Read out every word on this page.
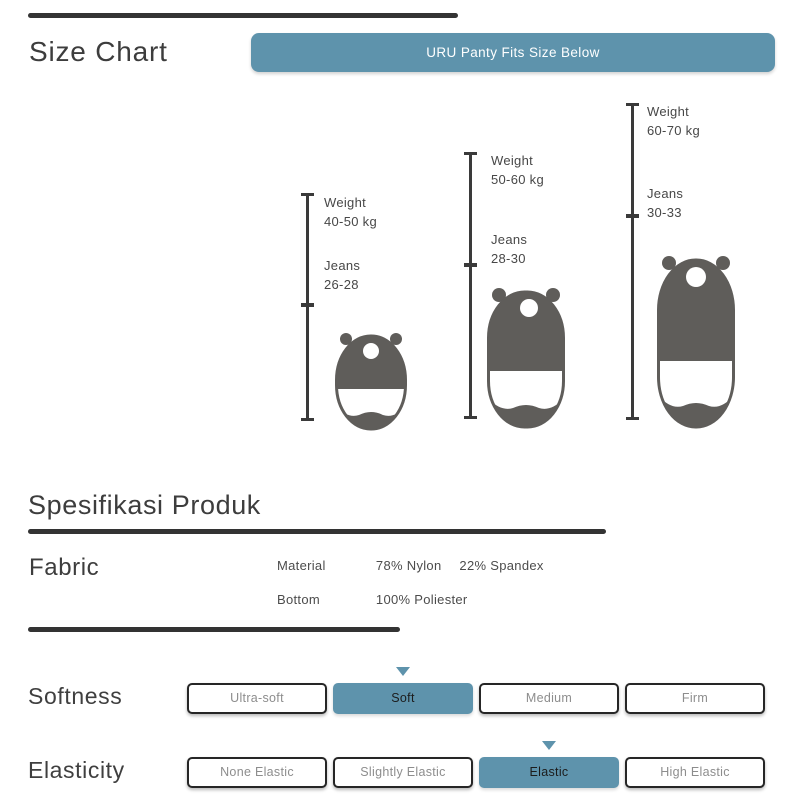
Size Chart	URU Panty Fits Size Below
Weight
40-50 kg
Jeans
26-28
Weight
50-60 kg
Jeans
28-30
Weight
60-70 kg
Jeans
30-33
Spesifikasi Produk
Fabric	Material	78% Nylon 22% Spandex
Bottom	100% Poliester
Softness	Ultra-soft	Soft	Medium	Firm
Elasticity	None Elastic	Slightly Elastic	Elastic	High Elastic
